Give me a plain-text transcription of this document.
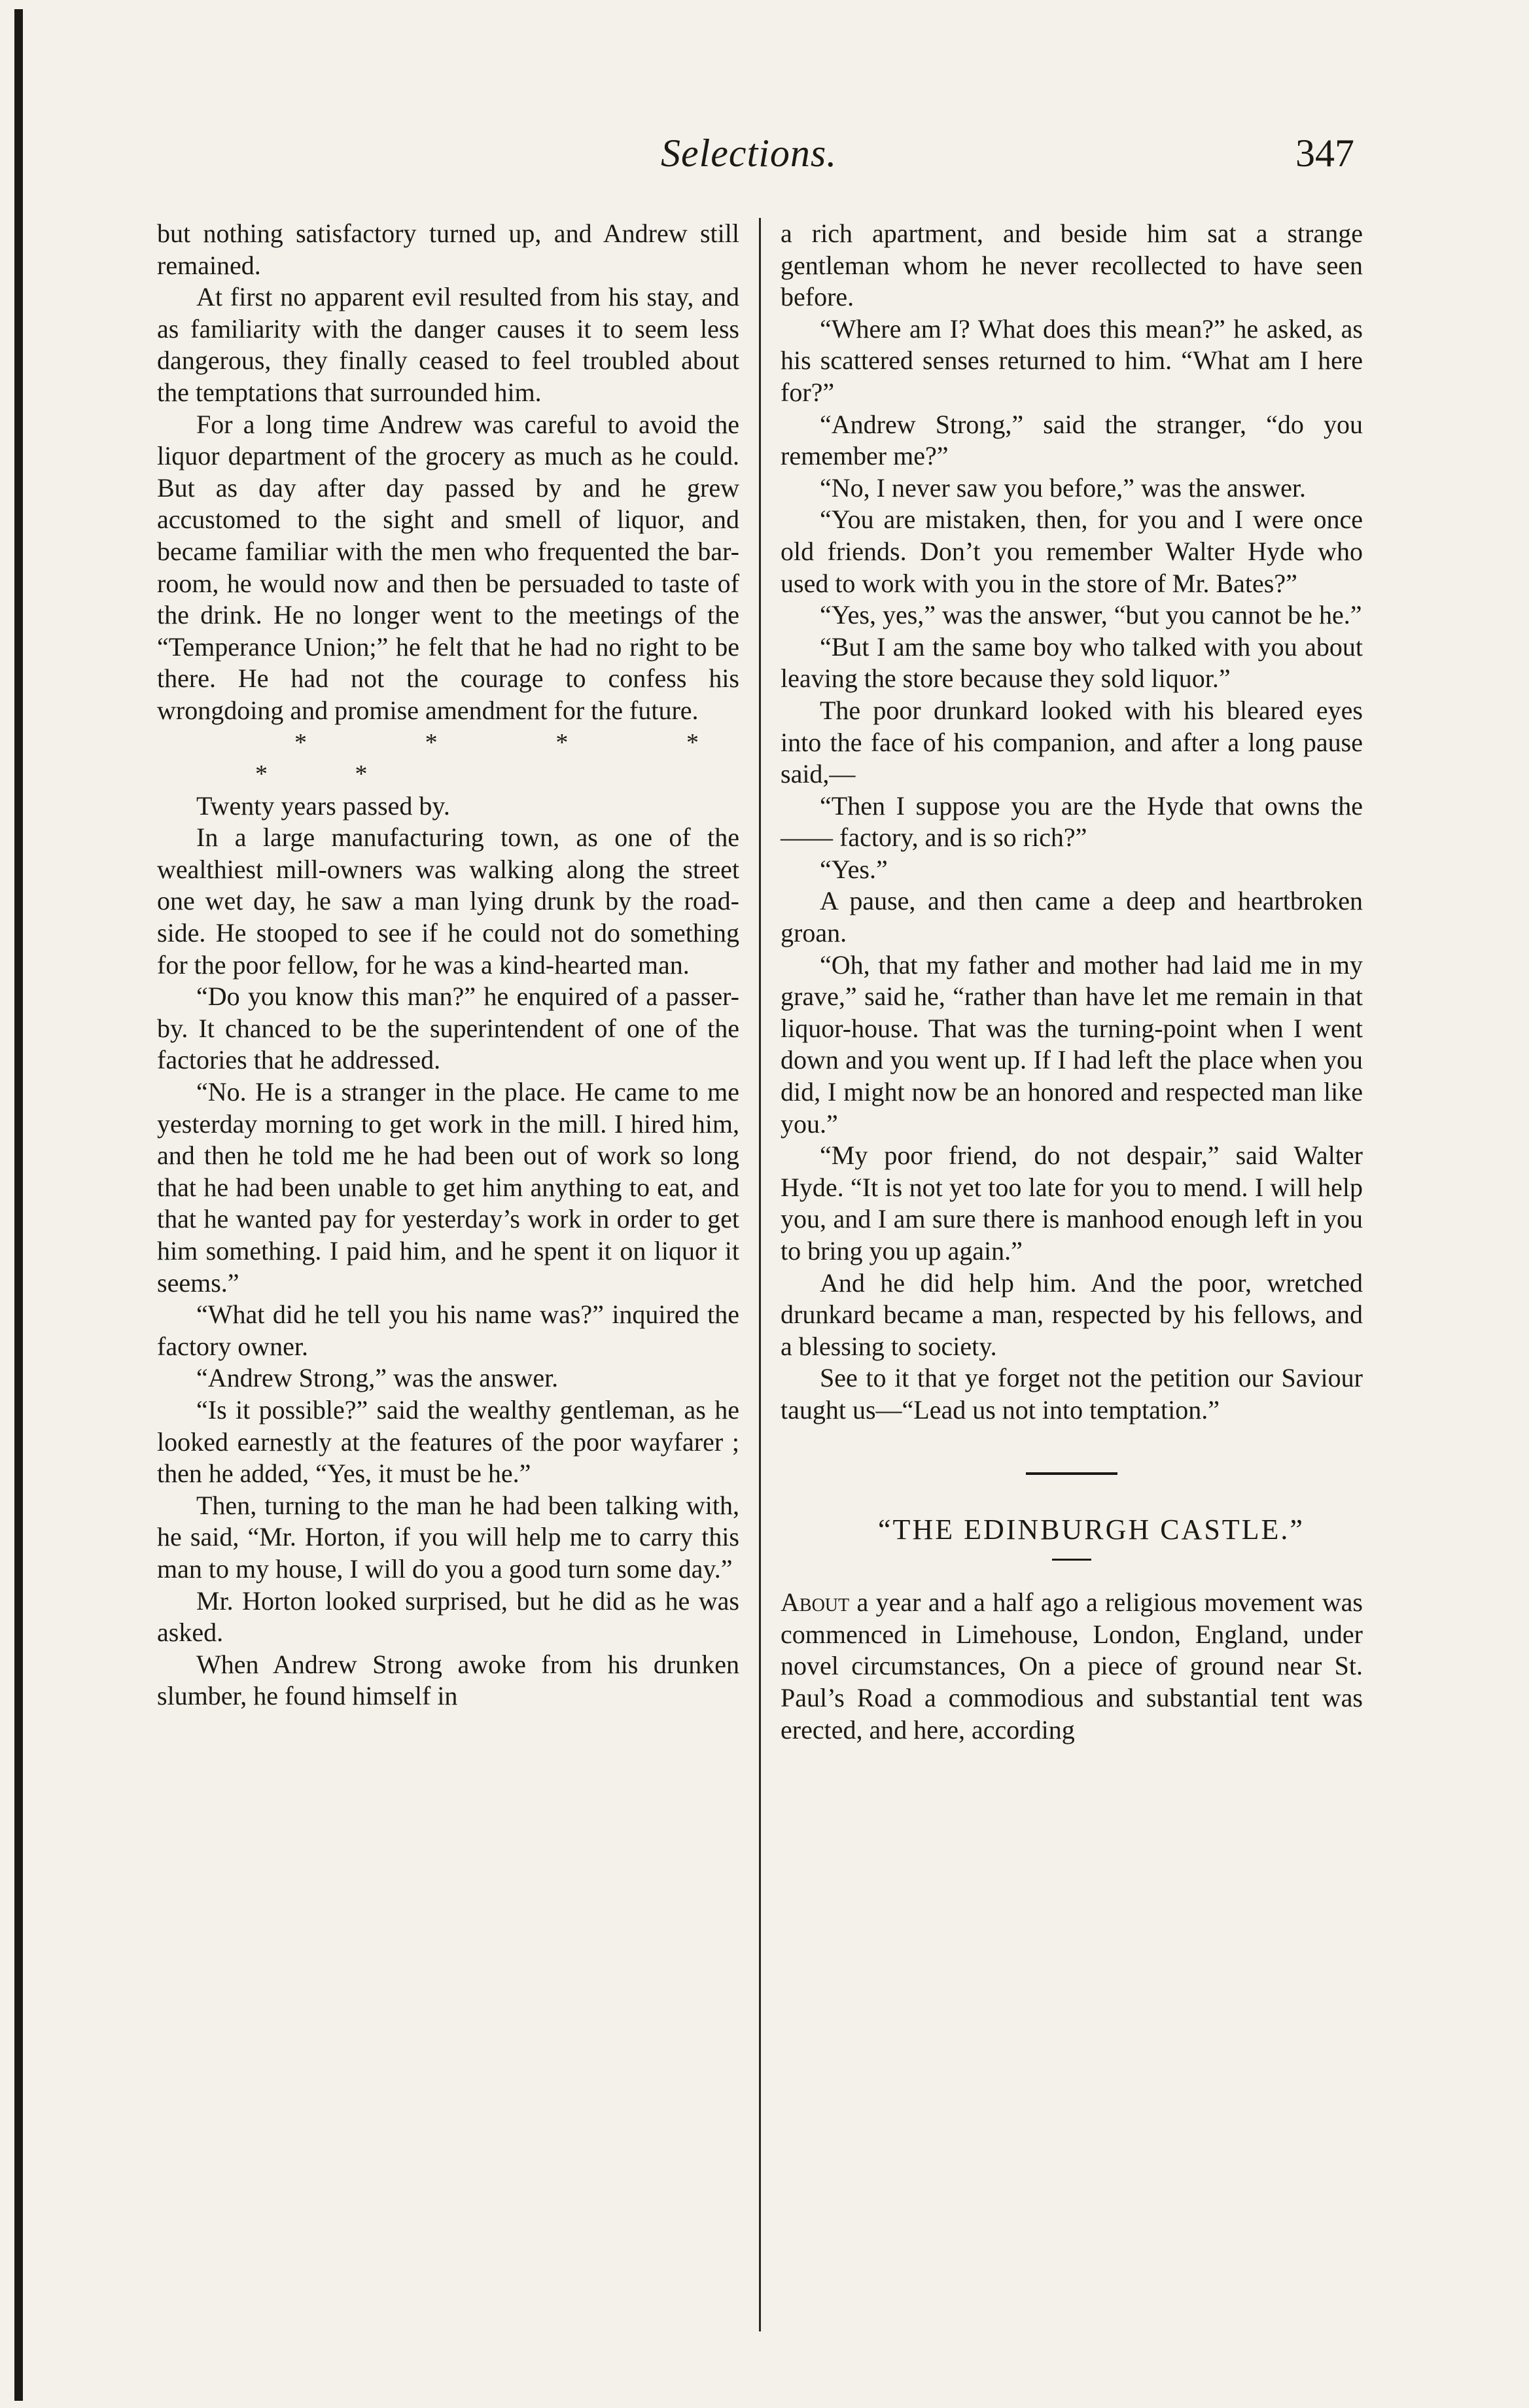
Selections.	347

but nothing satisfactory turned up, and Andrew still remained.

At first no apparent evil resulted from his stay, and as familiarity with the danger causes it to seem less dangerous, they finally ceased to feel troubled about the temptations that surrounded him.

For a long time Andrew was careful to avoid the liquor department of the grocery as much as he could. But as day after day passed by and he grew accustomed to the sight and smell of liquor, and became familiar with the men who frequented the bar-room, he would now and then be persuaded to taste of the drink. He no longer went to the meetings of the “Temperance Union;” he felt that he had no right to be there. He had not the courage to confess his wrongdoing and promise amendment for the future.

* * * * * *

Twenty years passed by.

In a large manufacturing town, as one of the wealthiest mill-owners was walking along the street one wet day, he saw a man lying drunk by the road-side. He stooped to see if he could not do something for the poor fellow, for he was a kind-hearted man.

“Do you know this man?” he enquired of a passer-by. It chanced to be the superintendent of one of the factories that he addressed.

“No. He is a stranger in the place. He came to me yesterday morning to get work in the mill. I hired him, and then he told me he had been out of work so long that he had been unable to get him anything to eat, and that he wanted pay for yesterday’s work in order to get him something. I paid him, and he spent it on liquor it seems.”

“What did he tell you his name was?” inquired the factory owner.

“Andrew Strong,” was the answer.

“Is it possible?” said the wealthy gentleman, as he looked earnestly at the features of the poor wayfarer ; then he added, “Yes, it must be he.”

Then, turning to the man he had been talking with, he said, “Mr. Horton, if you will help me to carry this man to my house, I will do you a good turn some day.”

Mr. Horton looked surprised, but he did as he was asked.

When Andrew Strong awoke from his drunken slumber, he found himself in

a rich apartment, and beside him sat a strange gentleman whom he never recollected to have seen before.

“Where am I? What does this mean?” he asked, as his scattered senses returned to him. “What am I here for?”

“Andrew Strong,” said the stranger, “do you remember me?”

“No, I never saw you before,” was the answer.

“You are mistaken, then, for you and I were once old friends. Don’t you remember Walter Hyde who used to work with you in the store of Mr. Bates?”

“Yes, yes,” was the answer, “but you cannot be he.”

“But I am the same boy who talked with you about leaving the store because they sold liquor.”

The poor drunkard looked with his bleared eyes into the face of his companion, and after a long pause said,—

“Then I suppose you are the Hyde that owns the —— factory, and is so rich?”

“Yes.”

A pause, and then came a deep and heartbroken groan.

“Oh, that my father and mother had laid me in my grave,” said he, “rather than have let me remain in that liquor-house. That was the turning-point when I went down and you went up. If I had left the place when you did, I might now be an honored and respected man like you.”

“My poor friend, do not despair,” said Walter Hyde. “It is not yet too late for you to mend. I will help you, and I am sure there is manhood enough left in you to bring you up again.”

And he did help him. And the poor, wretched drunkard became a man, respected by his fellows, and a blessing to society.

See to it that ye forget not the petition our Saviour taught us—“Lead us not into temptation.”

“THE EDINBURGH CASTLE.”

About a year and a half ago a religious movement was commenced in Limehouse, London, England, under novel circumstances, On a piece of ground near St. Paul’s Road a commodious and substantial tent was erected, and here, according
